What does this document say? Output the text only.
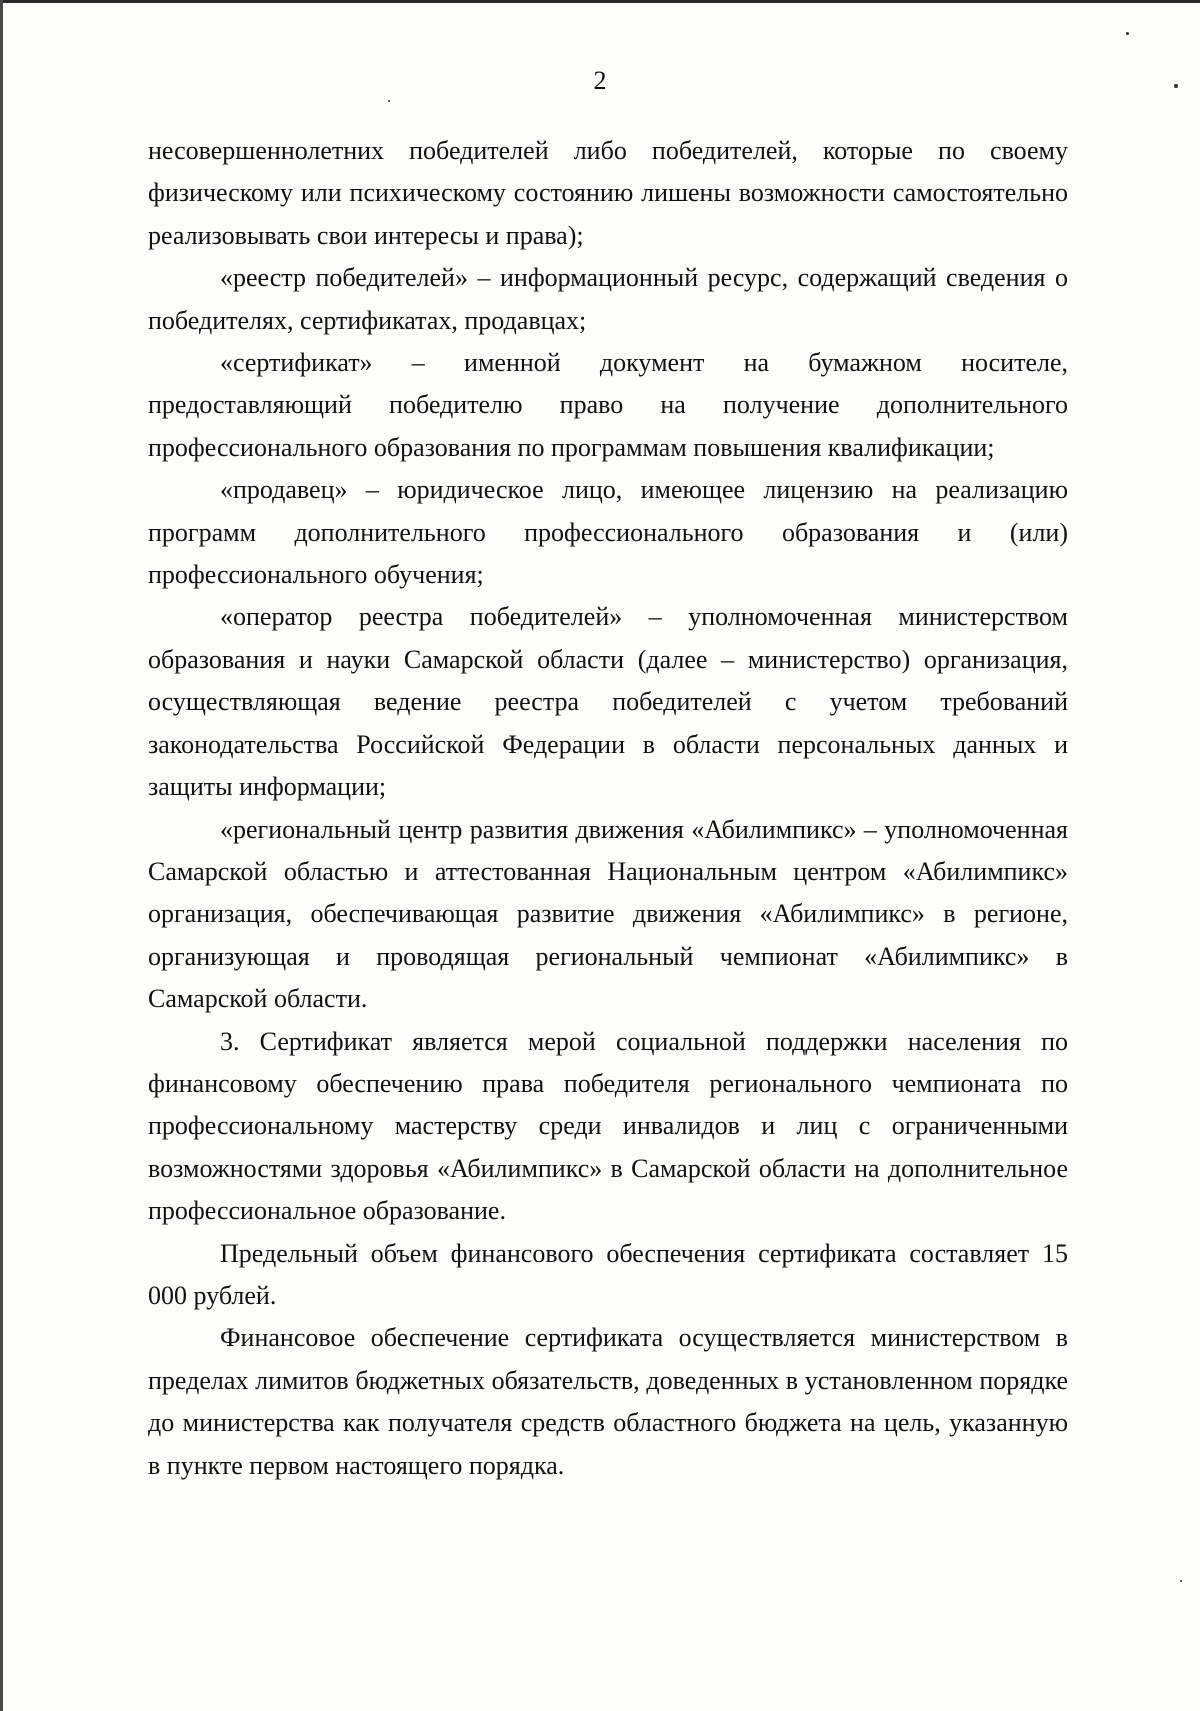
2

несовершеннолетних победителей либо победителей, которые по своему физическому или психическому состоянию лишены возможности самостоятельно реализовывать свои интересы и права);

«реестр победителей» – информационный ресурс, содержащий сведения о победителях, сертификатах, продавцах;

«сертификат» – именной документ на бумажном носителе, предоставляющий победителю право на получение дополнительного профессионального образования по программам повышения квалификации;

«продавец» – юридическое лицо, имеющее лицензию на реализацию программ дополнительного профессионального образования и (или) профессионального обучения;

«оператор реестра победителей» – уполномоченная министерством образования и науки Самарской области (далее – министерство) организация, осуществляющая ведение реестра победителей с учетом требований законодательства Российской Федерации в области персональных данных и защиты информации;

«региональный центр развития движения «Абилимпикс» – уполномоченная Самарской областью и аттестованная Национальным центром «Абилимпикс» организация, обеспечивающая развитие движения «Абилимпикс» в регионе, организующая и проводящая региональный чемпионат «Абилимпикс» в Самарской области.

3. Сертификат является мерой социальной поддержки населения по финансовому обеспечению права победителя регионального чемпионата по профессиональному мастерству среди инвалидов и лиц с ограниченными возможностями здоровья «Абилимпикс» в Самарской области на дополнительное профессиональное образование.

Предельный объем финансового обеспечения сертификата составляет 15 000 рублей.

Финансовое обеспечение сертификата осуществляется министерством в пределах лимитов бюджетных обязательств, доведенных в установленном порядке до министерства как получателя средств областного бюджета на цель, указанную в пункте первом настоящего порядка.
